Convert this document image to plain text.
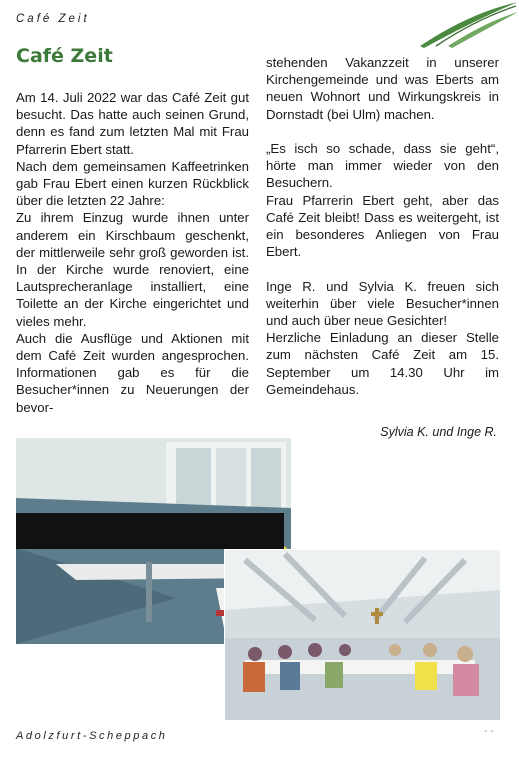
Café Zeit
Café Zeit

Am 14. Juli 2022 war das Café Zeit gut besucht. Das hatte auch seinen Grund, denn es fand zum letzten Mal mit Frau Pfarrerin Ebert statt.

Nach dem gemeinsamen Kaffeetrinken gab Frau Ebert einen kurzen Rückblick über die letzten 22 Jahre:

Zu ihrem Einzug wurde ihnen unter anderem ein Kirschbaum geschenkt, der mittlerweile sehr groß geworden ist. In der Kirche wurde renoviert, eine Lautsprecheranlage installiert, eine Toilette an der Kirche eingerichtet und vieles mehr.

Auch die Ausflüge und Aktionen mit dem Café Zeit wurden angesprochen. Informationen gab es für die Besucher*innen zu Neuerungen der bevor-

stehenden Vakanzzeit in unserer Kirchengemeinde und was Eberts am neuen Wohnort und Wirkungskreis in Dornstadt (bei Ulm) machen.

„Es isch so schade, dass sie geht“, hörte man immer wieder von den Besuchern.

Frau Pfarrerin Ebert geht, aber das Café Zeit bleibt! Dass es weitergeht, ist ein besonderes Anliegen von Frau Ebert.

Inge R. und Sylvia K. freuen sich weiterhin über viele Besucher*innen und auch über neue Gesichter!

Herzliche Einladung an dieser Stelle zum nächsten Café Zeit am 15. September um 14.30 Uhr im Gemeindehaus.

Sylvia K. und Inge R.
Adolzfurt-Scheppach	- -
